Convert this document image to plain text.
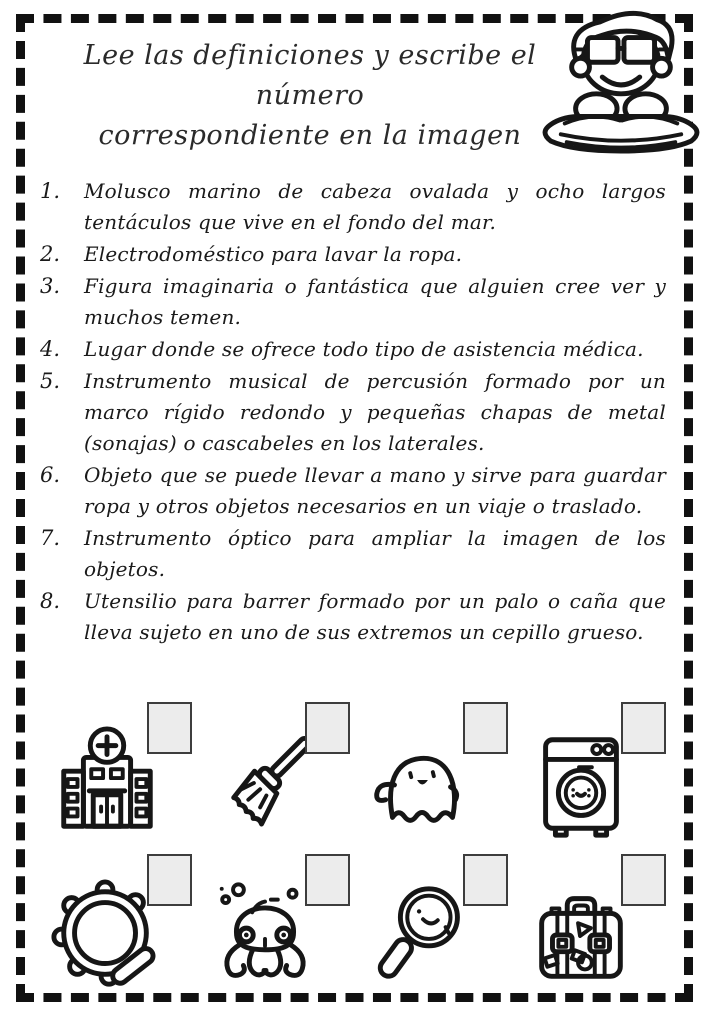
Lee las definiciones y escribe el número
correspondiente en la imagen
1.	Molusco marino de cabeza ovalada y ocho largos tentáculos que vive en el fondo del mar.
2.	Electrodoméstico para lavar la ropa.
3.	Figura imaginaria o fantástica que alguien cree ver y muchos temen.
4.	Lugar donde se ofrece todo tipo de asistencia médica.
5.	Instrumento musical de percusión formado por un marco rígido redondo y pequeñas chapas de metal (sonajas) o cascabeles en los laterales.
6.	Objeto que se puede llevar a mano y sirve para guardar ropa y otros objetos necesarios en un viaje o traslado.
7.	Instrumento óptico para ampliar la imagen de los objetos.
8.	Utensilio para barrer formado por un palo o caña que lleva sujeto en uno de sus extremos un cepillo grueso.
